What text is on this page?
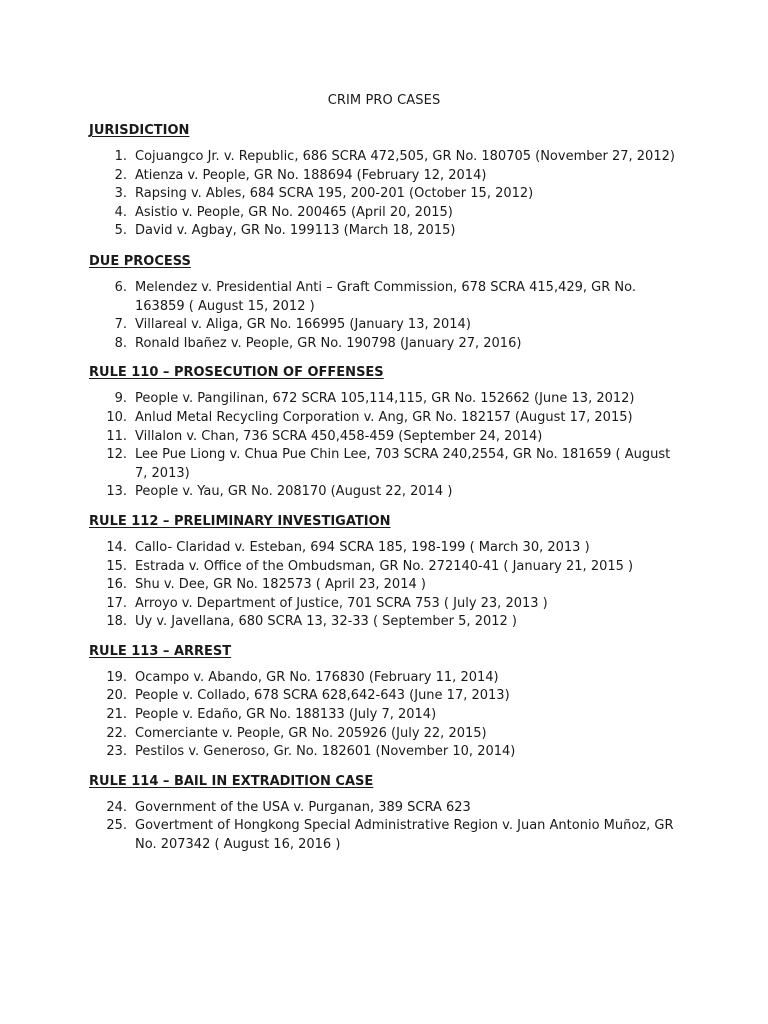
CRIM PRO CASES
JURISDICTION
1. Cojuangco Jr. v. Republic, 686 SCRA 472,505, GR No. 180705 (November 27, 2012)
2. Atienza v. People, GR No. 188694 (February 12, 2014)
3. Rapsing v. Ables, 684 SCRA 195, 200-201 (October 15, 2012)
4. Asistio v. People, GR No. 200465 (April 20, 2015)
5. David v. Agbay, GR No. 199113 (March 18, 2015)
DUE PROCESS
6. Melendez v. Presidential Anti – Graft Commission, 678 SCRA 415,429, GR No. 163859 ( August 15, 2012 )
7. Villareal v. Aliga, GR No. 166995 (January 13, 2014)
8. Ronald Ibañez v. People, GR No. 190798 (January 27, 2016)
RULE 110 – PROSECUTION OF OFFENSES
9. People v. Pangilinan, 672 SCRA 105,114,115, GR No. 152662 (June 13, 2012)
10. Anlud Metal Recycling Corporation v. Ang, GR No. 182157 (August 17, 2015)
11. Villalon v. Chan, 736 SCRA 450,458-459 (September 24, 2014)
12. Lee Pue Liong v. Chua Pue Chin Lee, 703 SCRA 240,2554, GR No. 181659 ( August 7, 2013)
13. People v. Yau, GR No. 208170 (August 22, 2014 )
RULE 112 – PRELIMINARY INVESTIGATION
14. Callo- Claridad v. Esteban, 694 SCRA 185, 198-199 ( March 30, 2013 )
15. Estrada v. Office of the Ombudsman, GR No. 272140-41 ( January 21, 2015 )
16. Shu v. Dee, GR No. 182573 ( April 23, 2014 )
17. Arroyo v. Department of Justice, 701 SCRA 753 ( July 23, 2013 )
18. Uy v. Javellana, 680 SCRA 13, 32-33 ( September 5, 2012 )
RULE 113 – ARREST
19. Ocampo v. Abando, GR No. 176830 (February 11, 2014)
20. People v. Collado, 678 SCRA 628,642-643 (June 17, 2013)
21. People v. Edaño, GR No. 188133 (July 7, 2014)
22. Comerciante v. People, GR No. 205926 (July 22, 2015)
23. Pestilos v. Generoso, Gr. No. 182601 (November 10, 2014)
RULE 114 – BAIL IN EXTRADITION CASE
24. Government of the USA v. Purganan, 389 SCRA 623
25. Govertment of Hongkong Special Administrative Region v. Juan Antonio Muñoz, GR No. 207342 ( August 16, 2016 )
